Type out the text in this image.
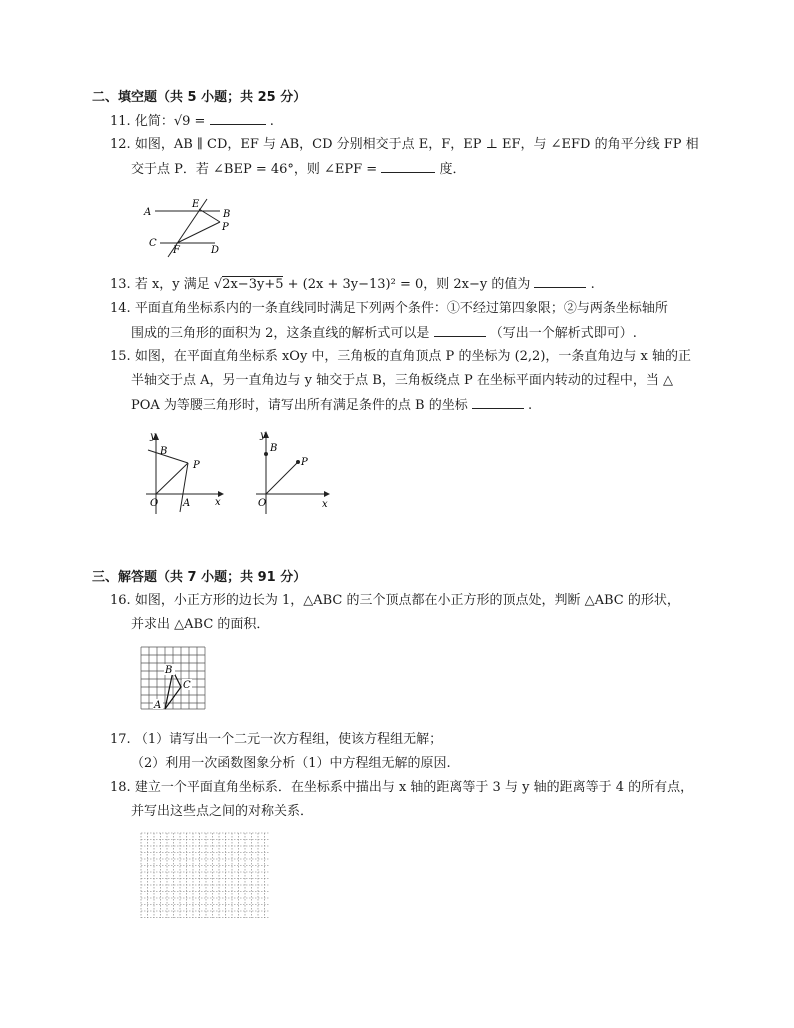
二、填空题（共 5 小题；共 25 分）
11. 化简：√9 =	.
12. 如图，AB ∥ CD，EF 与 AB，CD 分别相交于点 E，F，EP ⊥ EF，与 ∠EFD 的角平分线 FP 相
交于点 P．若 ∠BEP = 46°，则 ∠EPF =	度．
A	B
C
D
E
F
P
13. 若 x，y 满足 √2x−3y+5 + (2x + 3y−13)² = 0，则 2x−y 的值为	.
14. 平面直角坐标系内的一条直线同时满足下列两个条件：①不经过第四象限；②与两条坐标轴所
围成的三角形的面积为 2，这条直线的解析式可以是	（写出一个解析式即可）.
15. 如图，在平面直角坐标系 xOy 中，三角板的直角顶点 P 的坐标为 (2,2)，一条直角边与 x 轴的正
半轴交于点 A，另一直角边与 y 轴交于点 B，三角板绕点 P 在坐标平面内转动的过程中，当 △
POA 为等腰三角形时，请写出所有满足条件的点 B 的坐标	.
y
B
P
O A x
y
B
P
O	x
三、解答题（共 7 小题；共 91 分）
16. 如图，小正方形的边长为 1，△ABC 的三个顶点都在小正方形的顶点处，判断 △ABC 的形状，
并求出 △ABC 的面积．
B
C
A
17. （1）请写出一个二元一次方程组，使该方程组无解；
（2）利用一次函数图象分析（1）中方程组无解的原因.
18. 建立一个平面直角坐标系．在坐标系中描出与 x 轴的距离等于 3 与 y 轴的距离等于 4 的所有点，
并写出这些点之间的对称关系．
